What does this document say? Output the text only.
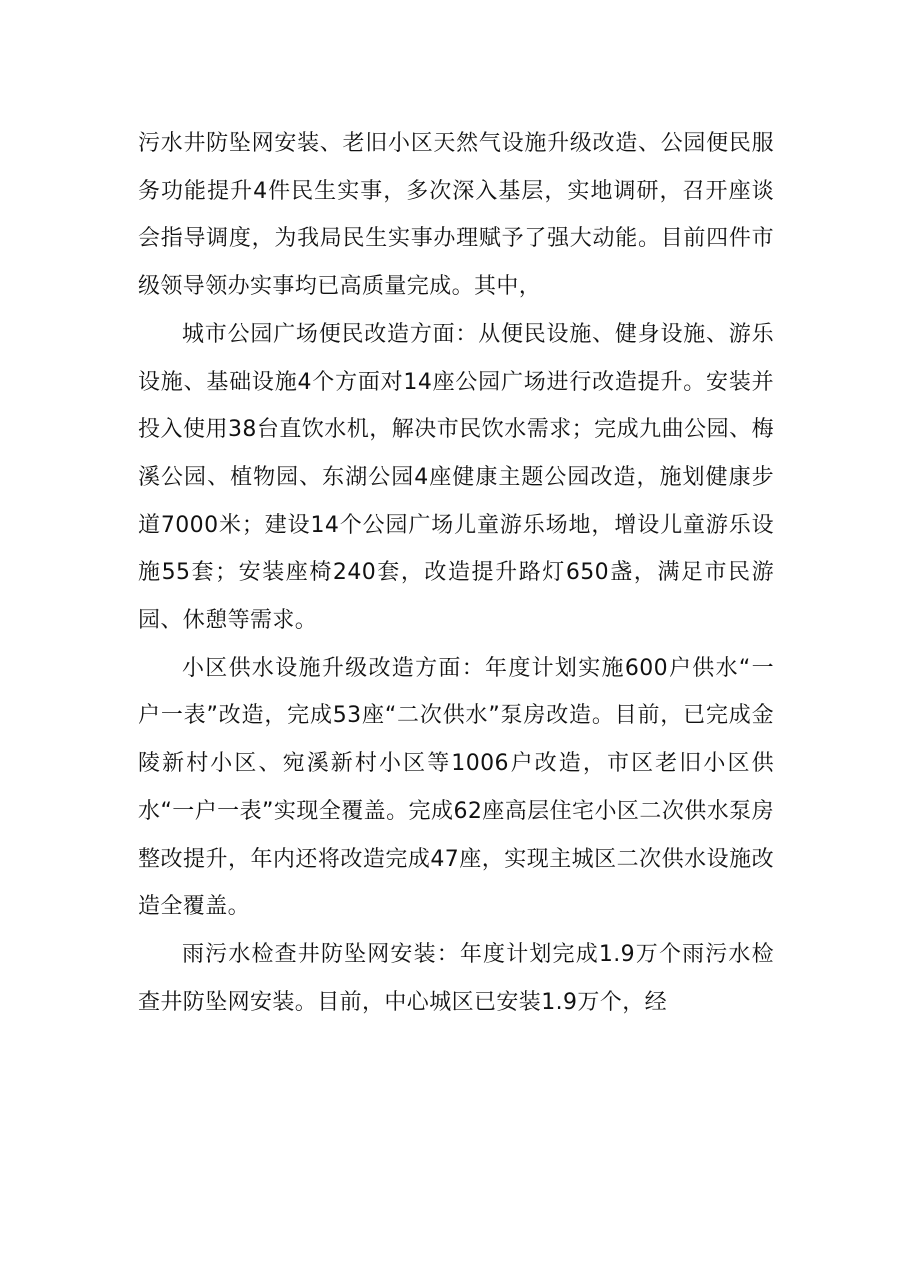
污水井防坠网安装、老旧小区天然气设施升级改造、公园便民服务功能提升4件民生实事，多次深入基层，实地调研，召开座谈会指导调度，为我局民生实事办理赋予了强大动能。目前四件市级领导领办实事均已高质量完成。其中，

城市公园广场便民改造方面：从便民设施、健身设施、游乐设施、基础设施4个方面对14座公园广场进行改造提升。安装并投入使用38台直饮水机，解决市民饮水需求；完成九曲公园、梅溪公园、植物园、东湖公园4座健康主题公园改造，施划健康步道7000米；建设14个公园广场儿童游乐场地，增设儿童游乐设施55套；安装座椅240套，改造提升路灯650盏，满足市民游园、休憩等需求。

小区供水设施升级改造方面：年度计划实施600户供水“一户一表”改造，完成53座“二次供水”泵房改造。目前，已完成金陵新村小区、宛溪新村小区等1006户改造，市区老旧小区供水“一户一表”实现全覆盖。完成62座高层住宅小区二次供水泵房整改提升，年内还将改造完成47座，实现主城区二次供水设施改造全覆盖。

雨污水检查井防坠网安装：年度计划完成1.9万个雨污水检查井防坠网安装。目前，中心城区已安装1.9万个，经
